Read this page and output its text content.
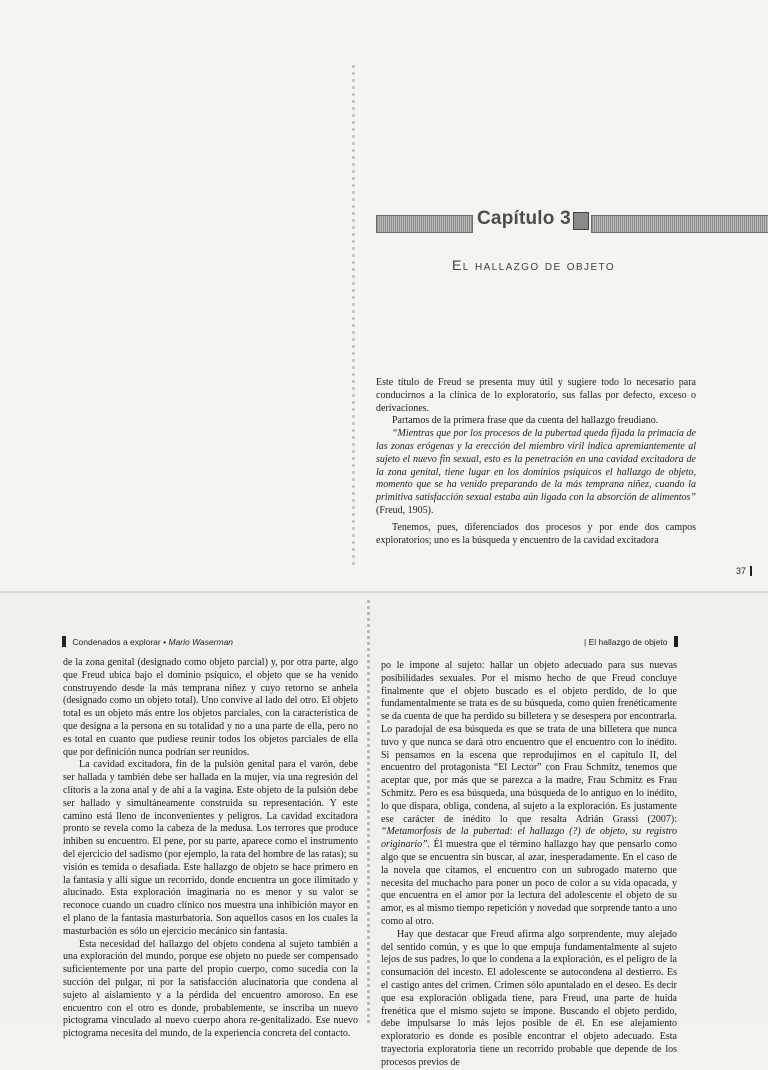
Capítulo 3
El hallazgo de objeto

Este título de Freud se presenta muy útil y sugiere todo lo necesario para conducirnos a la clínica de lo exploratorio, sus fallas por defecto, exceso o derivaciones.

Partamos de la primera frase que da cuenta del hallazgo freudiano.

“Mientras que por los procesos de la pubertad queda fijada la primacía de las zonas erógenas y la erección del miembro viril indica apremiantemente al sujeto el nuevo fin sexual, esto es la penetración en una cavidad excitadora de la zona genital, tiene lugar en los dominios psíquicos el hallazgo de objeto, momento que se ha venido preparando de la más temprana niñez, cuando la primitiva satisfacción sexual estaba aún ligada con la absorción de alimentos” (Freud, 1905).

Tenemos, pues, diferenciados dos procesos y por ende dos campos exploratorios; uno es la búsqueda y encuentro de la cavidad excitadora
37
Condenados a explorar • Mario Waserman	| El hallazgo de objeto

de la zona genital (designado como objeto parcial) y, por otra parte, algo que Freud ubica bajo el dominio psíquico, el objeto que se ha venido construyendo desde la más temprana niñez y cuyo retorno se anhela (designado como un objeto total). Uno convive al lado del otro. El objeto total es un objeto más entre los objetos parciales, con la característica de que designa a la persona en su totalidad y no a una parte de ella, pero no es total en cuanto que pudiese reunir todos los objetos parciales de ella que por definición nunca podrían ser reunidos.

La cavidad excitadora, fin de la pulsión genital para el varón, debe ser hallada y también debe ser hallada en la mujer, vía una regresión del clítoris a la zona anal y de ahí a la vagina. Este objeto de la pulsión debe ser hallado y simultáneamente construida su representación. Y este camino está lleno de inconvenientes y peligros. La cavidad excitadora pronto se revela como la cabeza de la medusa. Los terrores que produce inhiben su encuentro. El pene, por su parte, aparece como el instrumento del ejercicio del sadismo (por ejemplo, la rata del hombre de las ratas); su visión es temida o desafiada. Este hallazgo de objeto se hace primero en la fantasía y allí sigue un recorrido, donde encuentra un goce ilimitado y alucinado. Esta exploración imaginaria no es menor y su valor se reconoce cuando un cuadro clínico nos muestra una inhibición mayor en el plano de la fantasía masturbatoria. Son aquellos casos en los cuales la masturbación es sólo un ejercicio mecánico sin fantasía.

Esta necesidad del hallazgo del objeto condena al sujeto también a una exploración del mundo, porque ese objeto no puede ser compensado suficientemente por una parte del propio cuerpo, como sucedía con la succión del pulgar, ni por la satisfacción alucinatoria que condena al sujeto al aislamiento y a la pérdida del encuentro amoroso. En ese encuentro con el otro es donde, probablemente, se inscriba un nuevo pictograma vinculado al nuevo cuerpo ahora re-genitalizado. Ese nuevo pictograma necesita del mundo, de la experiencia concreta del contacto.

po le impone al sujeto: hallar un objeto adecuado para sus nuevas posibilidades sexuales. Por el mismo hecho de que Freud concluye finalmente que el objeto buscado es el objeto perdido, de lo que fundamentalmente se trata es de su búsqueda, como quien frenéticamente se da cuenta de que ha perdido su billetera y se desespera por encontrarla. Lo paradojal de esa búsqueda es que se trata de una billetera que nunca tuvo y que nunca se dará otro encuentro que el encuentro con lo inédito. Si pensamos en la escena que reprodujimos en el capítulo II, del encuentro del protagonista “El Lector” con Frau Schmitz, tenemos que aceptar que, por más que se parezca a la madre, Frau Schmitz es Frau Schmitz. Pero es esa búsqueda, una búsqueda de lo antiguo en lo inédito, lo que dispara, obliga, condena, al sujeto a la exploración. Es justamente ese carácter de inédito lo que resalta Adrián Grassi (2007): “Metamorfosis de la pubertad: el hallazgo (?) de objeto, su registro originario”. Él muestra que el término hallazgo hay que pensarlo como algo que se encuentra sin buscar, al azar, inesperadamente. En el caso de la novela que citamos, el encuentro con un subrogado materno que necesita del muchacho para poner un poco de color a su vida opacada, y que encuentra en el amor por la lectura del adolescente el objeto de su amor, es al mismo tiempo repetición y novedad que sorprende tanto a uno como al otro.

Hay que destacar que Freud afirma algo sorprendente, muy alejado del sentido común, y es que lo que empuja fundamentalmente al sujeto lejos de sus padres, lo que lo condena a la exploración, es el peligro de la consumación del incesto. El adolescente se autocondena al destierro. Es el castigo antes del crimen. Crimen sólo apuntalado en el deseo. Es decir que esa exploración obligada tiene, para Freud, una parte de huida frenética que el mismo sujeto se impone. Buscando el objeto perdido, debe impulsarse lo más lejos posible de él. En ese alejamiento exploratorio es donde es posible encontrar el objeto adecuado. Esta trayectoria exploratoria tiene un recorrido probable que depende de los procesos previos de
